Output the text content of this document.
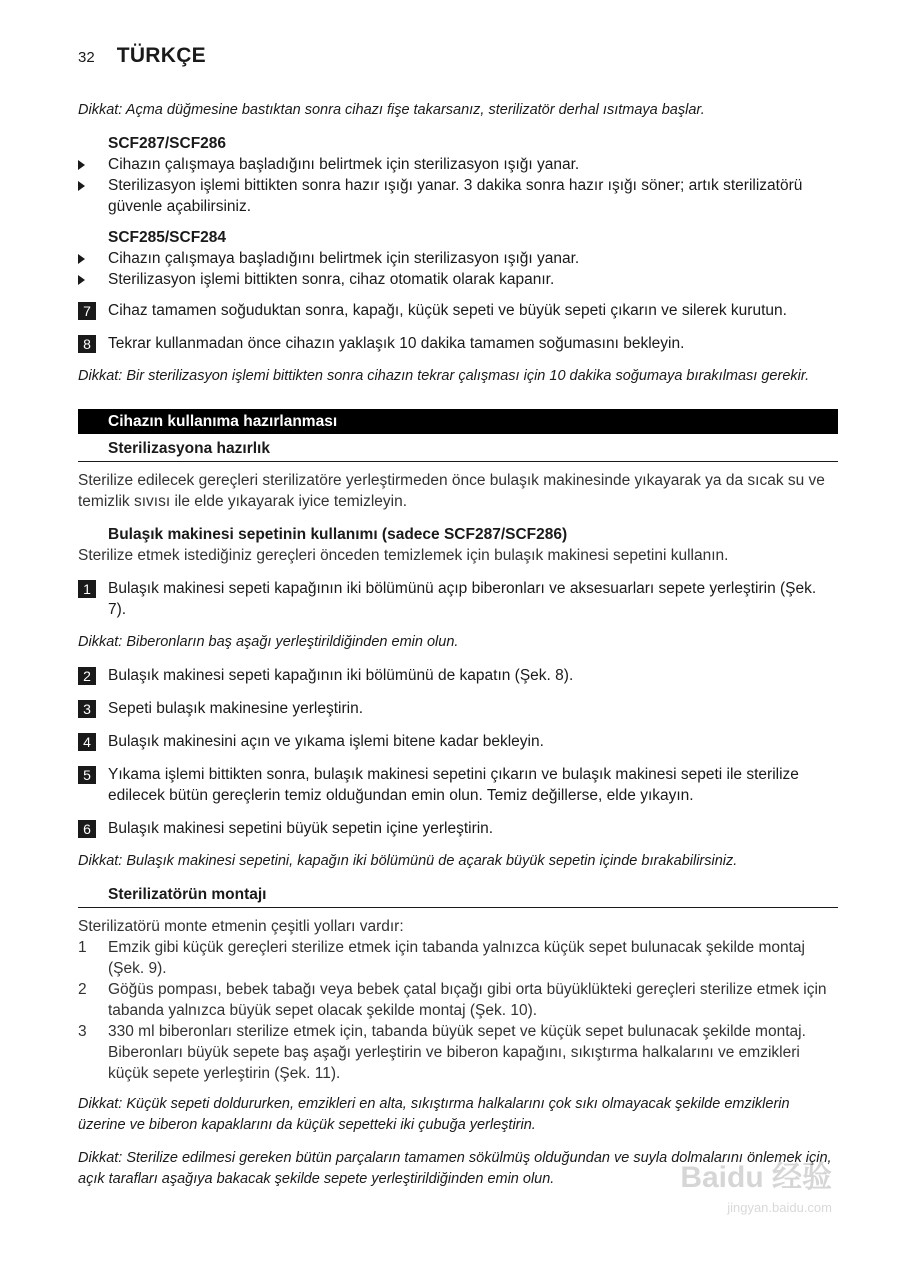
32 TÜRKÇE

Dikkat: Açma düğmesine bastıktan sonra cihazı fişe takarsanız, sterilizatör derhal ısıtmaya başlar.

SCF287/SCF286

Cihazın çalışmaya başladığını belirtmek için sterilizasyon ışığı yanar.
Sterilizasyon işlemi bittikten sonra hazır ışığı yanar. 3 dakika sonra hazır ışığı söner; artık sterilizatörü güvenle açabilirsiniz.

SCF285/SCF284

Cihazın çalışmaya başladığını belirtmek için sterilizasyon ışığı yanar.
Sterilizasyon işlemi bittikten sonra, cihaz otomatik olarak kapanır.
7	Cihaz tamamen soğuduktan sonra, kapağı, küçük sepeti ve büyük sepeti çıkarın ve silerek kurutun.
8	Tekrar kullanmadan önce cihazın yaklaşık 10 dakika tamamen soğumasını bekleyin.

Dikkat: Bir sterilizasyon işlemi bittikten sonra cihazın tekrar çalışması için 10 dakika soğumaya bırakılması gerekir.

Cihazın kullanıma hazırlanması
Sterilizasyona hazırlık

Sterilize edilecek gereçleri sterilizatöre yerleştirmeden önce bulaşık makinesinde yıkayarak ya da sıcak su ve temizlik sıvısı ile elde yıkayarak iyice temizleyin.

Bulaşık makinesi sepetinin kullanımı (sadece SCF287/SCF286)

Sterilize etmek istediğiniz gereçleri önceden temizlemek için bulaşık makinesi sepetini kullanın.

1	Bulaşık makinesi sepeti kapağının iki bölümünü açıp biberonları ve aksesuarları sepete yerleştirin (Şek. 7).

Dikkat: Biberonların baş aşağı yerleştirildiğinden emin olun.

2	Bulaşık makinesi sepeti kapağının iki bölümünü de kapatın (Şek. 8).
3	Sepeti bulaşık makinesine yerleştirin.
4	Bulaşık makinesini açın ve yıkama işlemi bitene kadar bekleyin.
5	Yıkama işlemi bittikten sonra, bulaşık makinesi sepetini çıkarın ve bulaşık makinesi sepeti ile sterilize edilecek bütün gereçlerin temiz olduğundan emin olun. Temiz değillerse, elde yıkayın.
6	Bulaşık makinesi sepetini büyük sepetin içine yerleştirin.

Dikkat: Bulaşık makinesi sepetini, kapağın iki bölümünü de açarak büyük sepetin içinde bırakabilirsiniz.

Sterilizatörün montajı

Sterilizatörü monte etmenin çeşitli yolları vardır:

1 Emzik gibi küçük gereçleri sterilize etmek için tabanda yalnızca küçük sepet bulunacak şekilde montaj (Şek. 9).
2 Göğüs pompası, bebek tabağı veya bebek çatal bıçağı gibi orta büyüklükteki gereçleri sterilize etmek için tabanda yalnızca büyük sepet olacak şekilde montaj (Şek. 10).
3 330 ml biberonları sterilize etmek için, tabanda büyük sepet ve küçük sepet bulunacak şekilde montaj. Biberonları büyük sepete baş aşağı yerleştirin ve biberon kapağını, sıkıştırma halkalarını ve emzikleri küçük sepete yerleştirin (Şek. 11).

Dikkat: Küçük sepeti doldururken, emzikleri en alta, sıkıştırma halkalarını çok sıkı olmayacak şekilde emziklerin üzerine ve biberon kapaklarını da küçük sepetteki iki çubuğa yerleştirin.

Dikkat: Sterilize edilmesi gereken bütün parçaların tamamen sökülmüş olduğundan ve suyla dolmalarını önlemek için, açık tarafları aşağıya bakacak şekilde sepete yerleştirildiğinden emin olun.	Baidu 经验
jingyan.baidu.com
